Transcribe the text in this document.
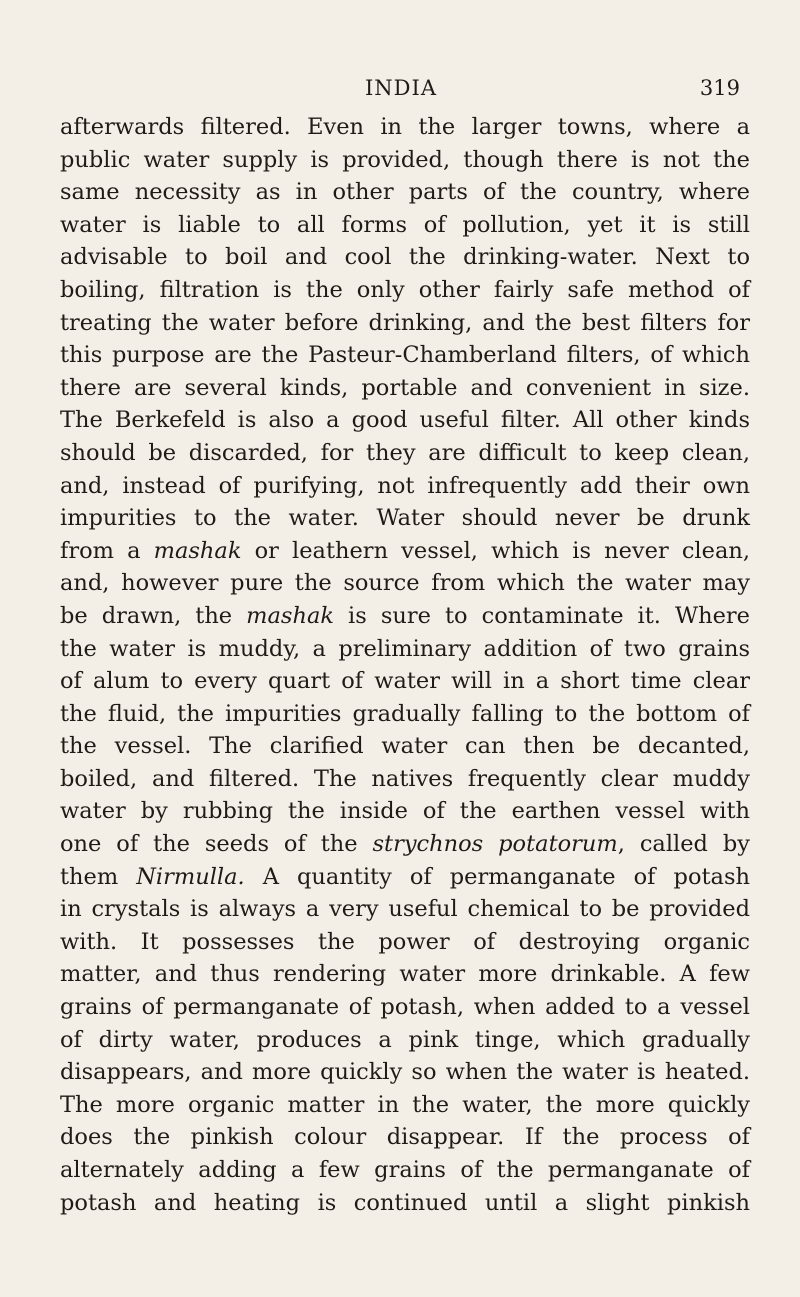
INDIA	319
afterwards filtered. Even in the larger towns, where a
public water supply is provided, though there is not the
same necessity as in other parts of the country, where
water is liable to all forms of pollution, yet it is still
advisable to boil and cool the drinking-water. Next to
boiling, filtration is the only other fairly safe method of
treating the water before drinking, and the best filters for
this purpose are the Pasteur-Chamberland filters, of which
there are several kinds, portable and convenient in size.
The Berkefeld is also a good useful filter. All other kinds
should be discarded, for they are difficult to keep clean,
and, instead of purifying, not infrequently add their own
impurities to the water. Water should never be drunk
from a mashak or leathern vessel, which is never clean,
and, however pure the source from which the water may
be drawn, the mashak is sure to contaminate it. Where
the water is muddy, a preliminary addition of two grains
of alum to every quart of water will in a short time clear
the fluid, the impurities gradually falling to the bottom of
the vessel. The clarified water can then be decanted,
boiled, and filtered. The natives frequently clear muddy
water by rubbing the inside of the earthen vessel with
one of the seeds of the strychnos potatorum, called by
them Nirmulla. A quantity of permanganate of potash
in crystals is always a very useful chemical to be provided
with. It possesses the power of destroying organic
matter, and thus rendering water more drinkable. A few
grains of permanganate of potash, when added to a vessel
of dirty water, produces a pink tinge, which gradually
disappears, and more quickly so when the water is heated.
The more organic matter in the water, the more quickly
does the pinkish colour disappear. If the process of
alternately adding a few grains of the permanganate of
potash and heating is continued until a slight pinkish
